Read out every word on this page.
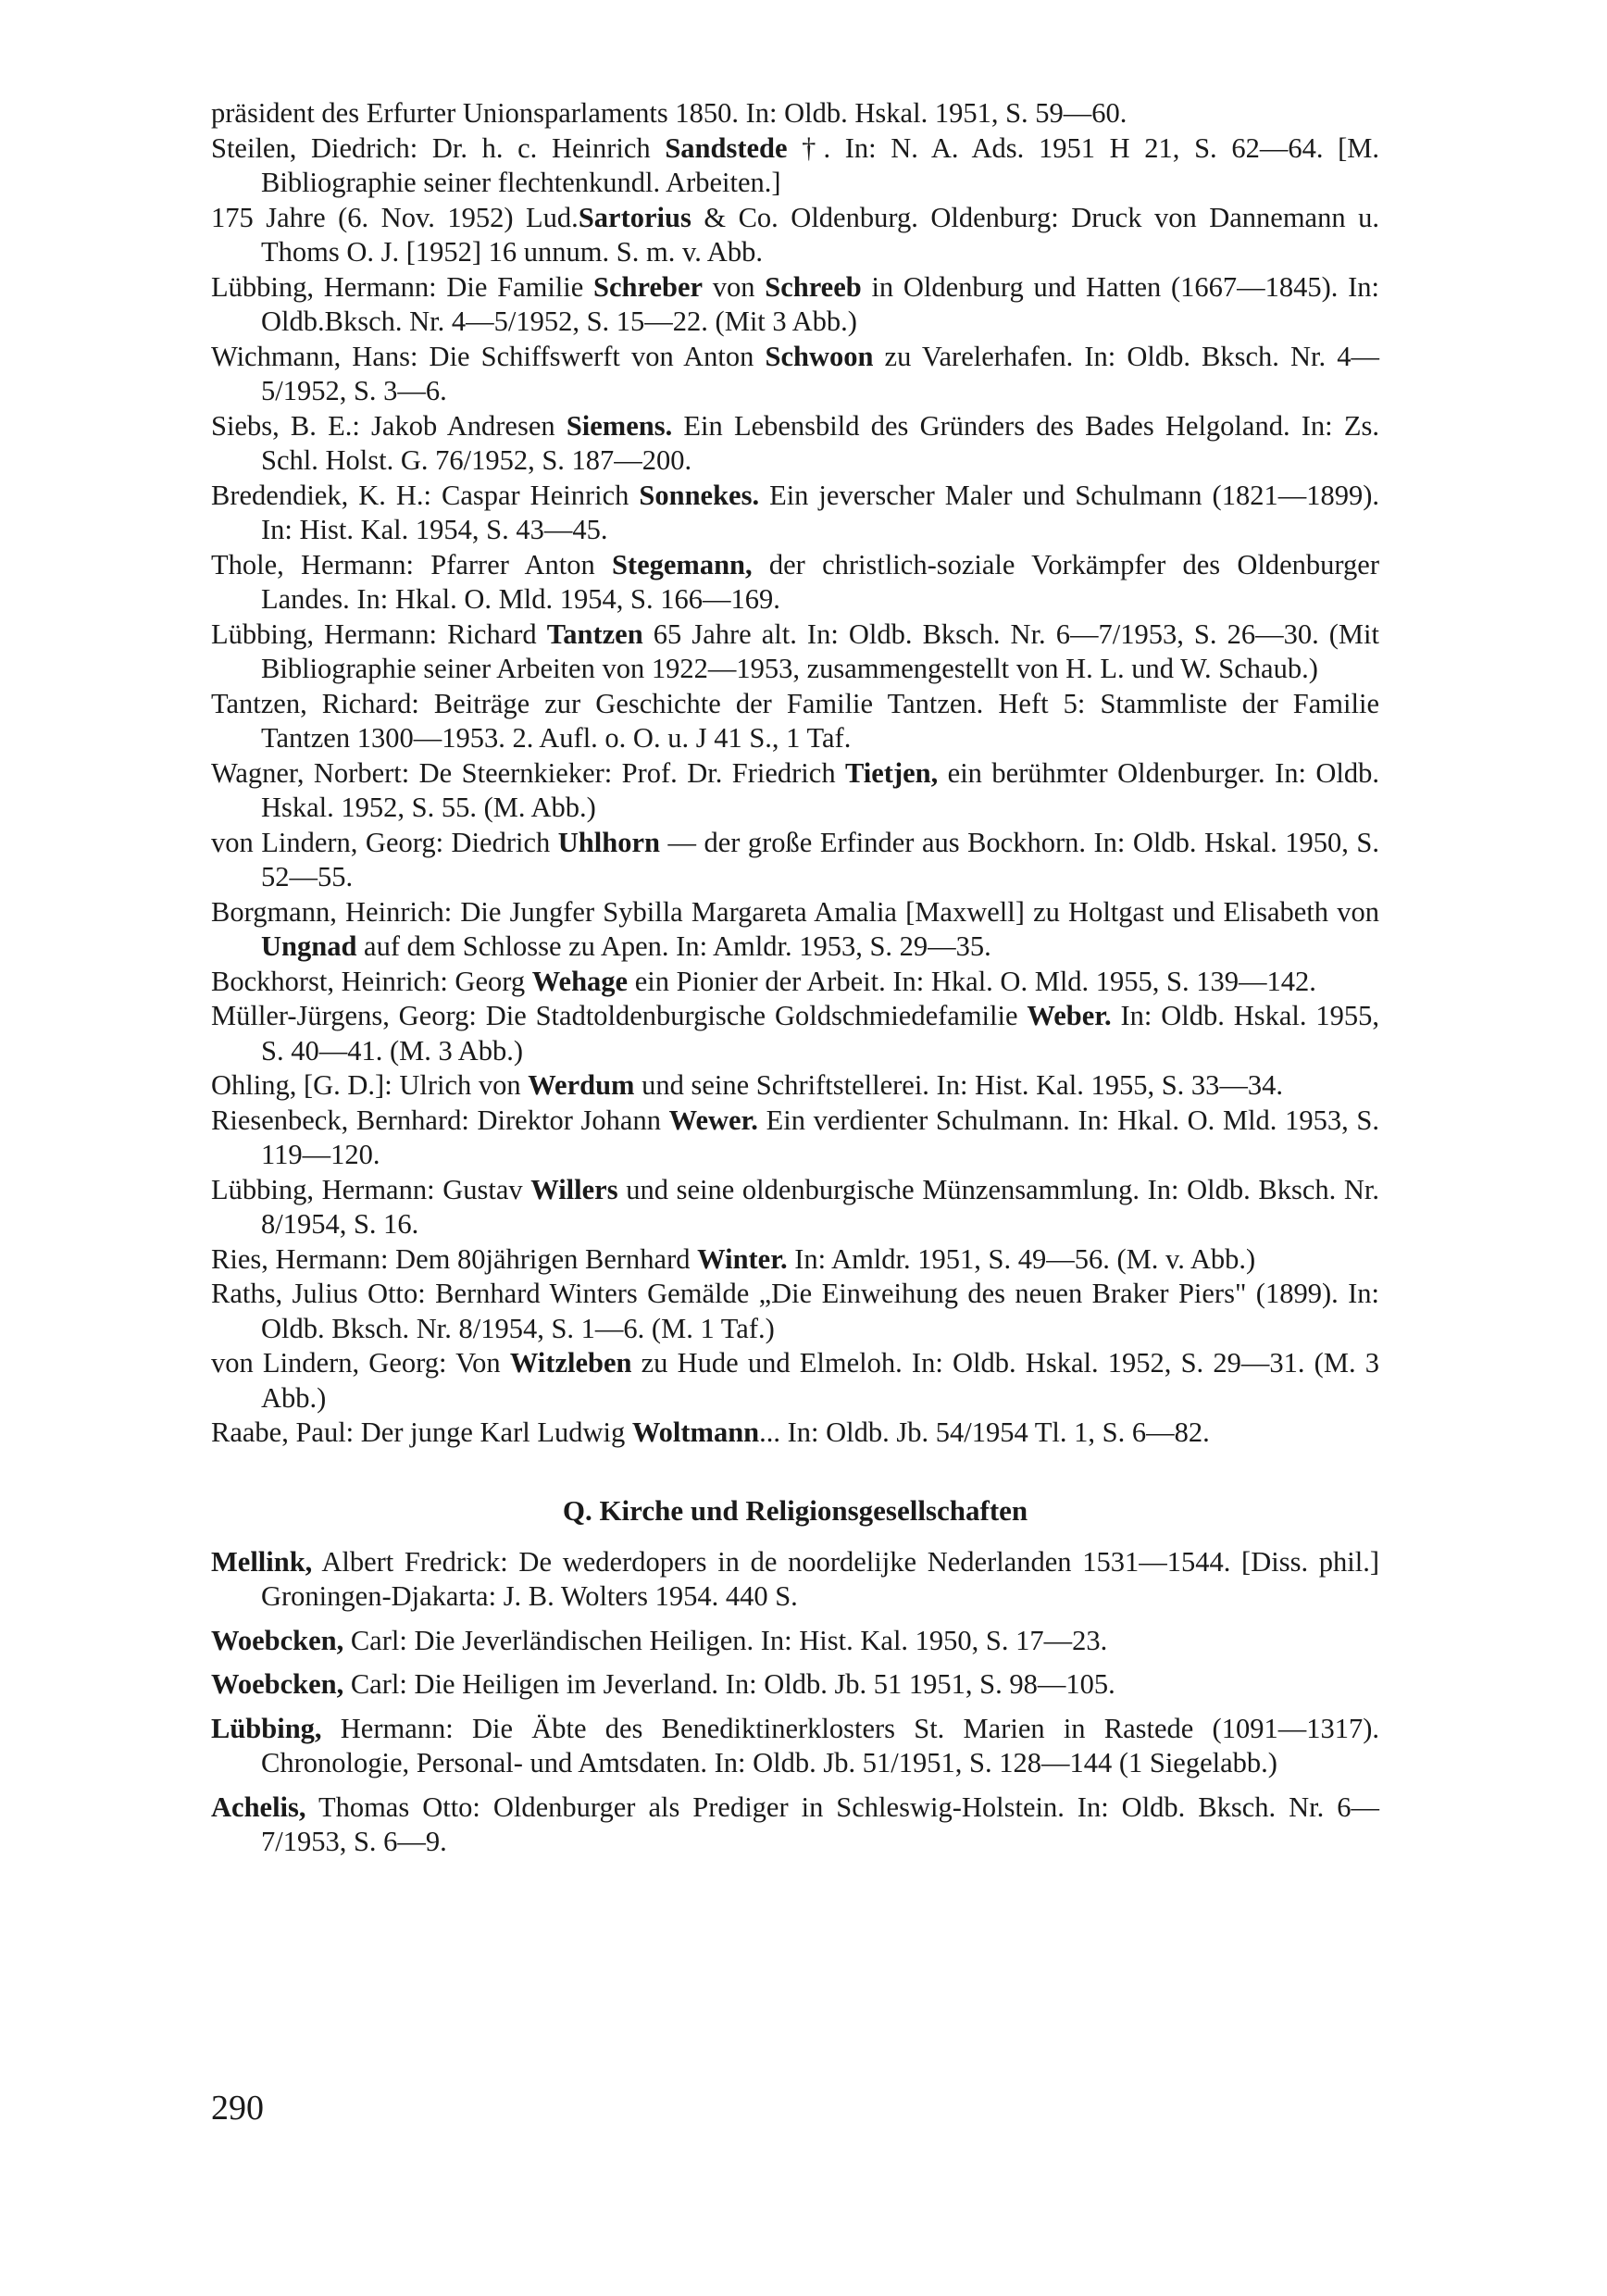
präsident des Erfurter Unionsparlaments 1850. In: Oldb. Hskal. 1951, S. 59—60.

Steilen, Diedrich: Dr. h. c. Heinrich Sandstede †. In: N. A. Ads. 1951 H 21, S. 62—64. [M. Bibliographie seiner flechtenkundl. Arbeiten.]

175 Jahre (6. Nov. 1952) Lud.Sartorius & Co. Oldenburg. Oldenburg: Druck von Dannemann u. Thoms O. J. [1952] 16 unnum. S. m. v. Abb.

Lübbing, Hermann: Die Familie Schreber von Schreeb in Oldenburg und Hatten (1667—1845). In: Oldb.Bksch. Nr. 4—5/1952, S. 15—22. (Mit 3 Abb.)

Wichmann, Hans: Die Schiffswerft von Anton Schwoon zu Varelerhafen. In: Oldb. Bksch. Nr. 4—5/1952, S. 3—6.

Siebs, B. E.: Jakob Andresen Siemens. Ein Lebensbild des Gründers des Bades Helgoland. In: Zs. Schl. Holst. G. 76/1952, S. 187—200.

Bredendiek, K. H.: Caspar Heinrich Sonnekes. Ein jeverscher Maler und Schulmann (1821—1899). In: Hist. Kal. 1954, S. 43—45.

Thole, Hermann: Pfarrer Anton Stegemann, der christlich-soziale Vorkämpfer des Oldenburger Landes. In: Hkal. O. Mld. 1954, S. 166—169.

Lübbing, Hermann: Richard Tantzen 65 Jahre alt. In: Oldb. Bksch. Nr. 6—7/1953, S. 26—30. (Mit Bibliographie seiner Arbeiten von 1922—1953, zusammengestellt von H. L. und W. Schaub.)

Tantzen, Richard: Beiträge zur Geschichte der Familie Tantzen. Heft 5: Stammliste der Familie Tantzen 1300—1953. 2. Aufl. o. O. u. J 41 S., 1 Taf.

Wagner, Norbert: De Steernkieker: Prof. Dr. Friedrich Tietjen, ein berühmter Oldenburger. In: Oldb. Hskal. 1952, S. 55. (M. Abb.)

von Lindern, Georg: Diedrich Uhlhorn — der große Erfinder aus Bockhorn. In: Oldb. Hskal. 1950, S. 52—55.

Borgmann, Heinrich: Die Jungfer Sybilla Margareta Amalia [Maxwell] zu Holtgast und Elisabeth von Ungnad auf dem Schlosse zu Apen. In: Amldr. 1953, S. 29—35.

Bockhorst, Heinrich: Georg Wehage ein Pionier der Arbeit. In: Hkal. O. Mld. 1955, S. 139—142.

Müller-Jürgens, Georg: Die Stadtoldenburgische Goldschmiedefamilie Weber. In: Oldb. Hskal. 1955, S. 40—41. (M. 3 Abb.)

Ohling, [G. D.]: Ulrich von Werdum und seine Schriftstellerei. In: Hist. Kal. 1955, S. 33—34.

Riesenbeck, Bernhard: Direktor Johann Wewer. Ein verdienter Schulmann. In: Hkal. O. Mld. 1953, S. 119—120.

Lübbing, Hermann: Gustav Willers und seine oldenburgische Münzensammlung. In: Oldb. Bksch. Nr. 8/1954, S. 16.

Ries, Hermann: Dem 80jährigen Bernhard Winter. In: Amldr. 1951, S. 49—56. (M. v. Abb.)

Raths, Julius Otto: Bernhard Winters Gemälde „Die Einweihung des neuen Braker Piers" (1899). In: Oldb. Bksch. Nr. 8/1954, S. 1—6. (M. 1 Taf.)

von Lindern, Georg: Von Witzleben zu Hude und Elmeloh. In: Oldb. Hskal. 1952, S. 29—31. (M. 3 Abb.)

Raabe, Paul: Der junge Karl Ludwig Woltmann... In: Oldb. Jb. 54/1954 Tl. 1, S. 6—82.

Q. Kirche und Religionsgesellschaften

Mellink, Albert Fredrick: De wederdopers in de noordelijke Nederlanden 1531—1544. [Diss. phil.] Groningen-Djakarta: J. B. Wolters 1954. 440 S.

Woebcken, Carl: Die Jeverländischen Heiligen. In: Hist. Kal. 1950, S. 17—23.

Woebcken, Carl: Die Heiligen im Jeverland. In: Oldb. Jb. 51 1951, S. 98—105.

Lübbing, Hermann: Die Äbte des Benediktinerklosters St. Marien in Rastede (1091—1317). Chronologie, Personal- und Amtsdaten. In: Oldb. Jb. 51/1951, S. 128—144 (1 Siegelabb.)

Achelis, Thomas Otto: Oldenburger als Prediger in Schleswig-Holstein. In: Oldb. Bksch. Nr. 6—7/1953, S. 6—9.

290
